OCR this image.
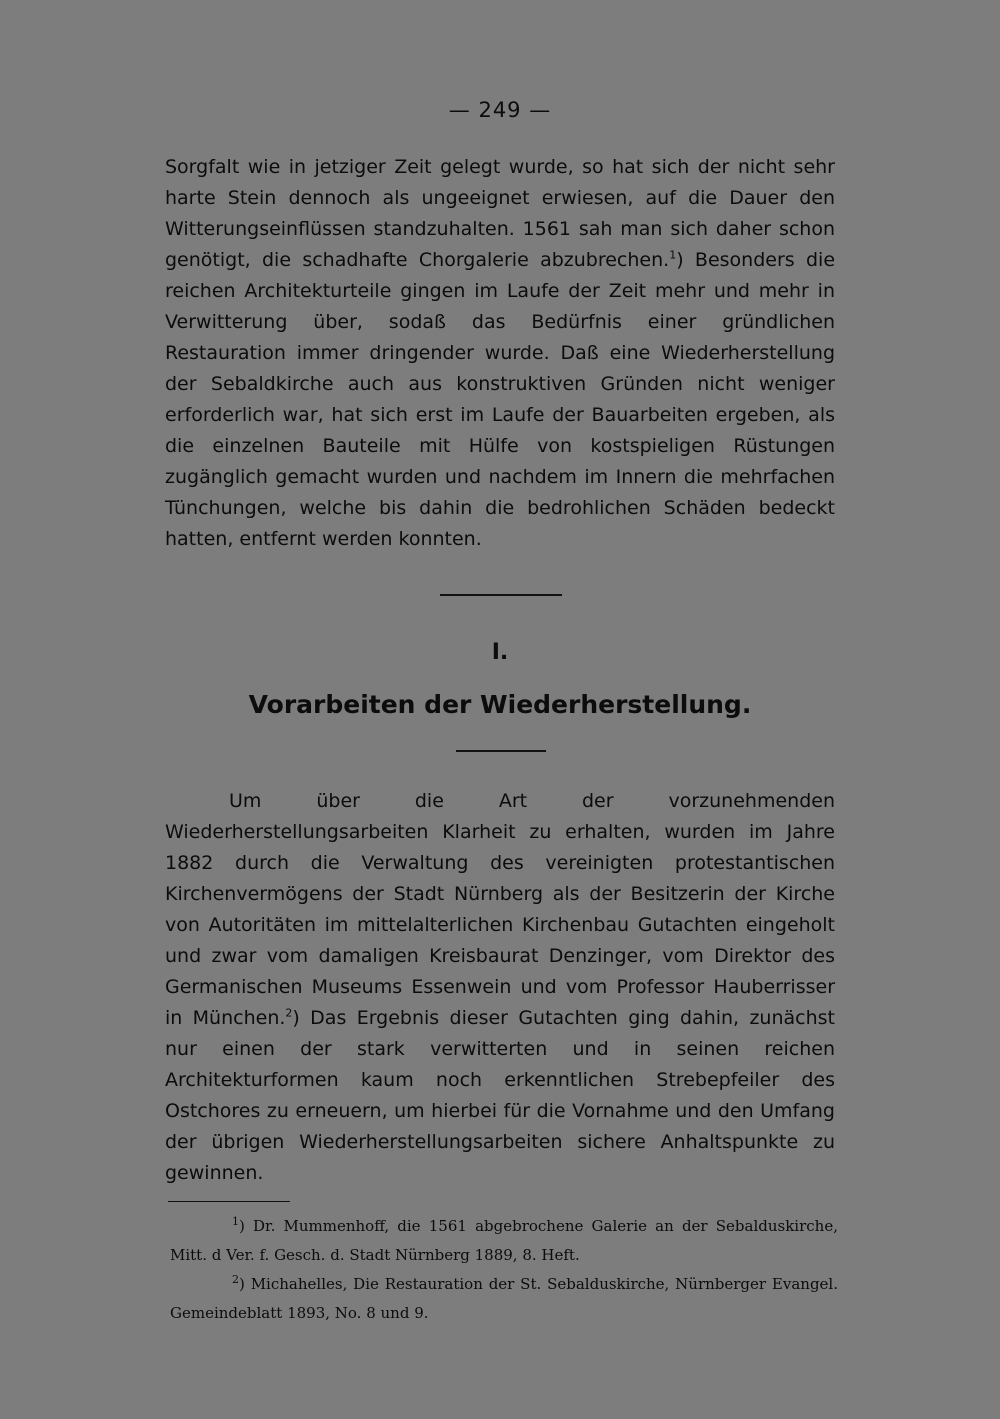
— 249 —

Sorgfalt wie in jetziger Zeit gelegt wurde, so hat sich der nicht sehr harte Stein dennoch als ungeeignet erwiesen, auf die Dauer den Witterungseinflüssen standzuhalten. 1561 sah man sich daher schon genötigt, die schadhafte Chorgalerie abzubrechen.$^1$) Besonders die reichen Architekturteile gingen im Laufe der Zeit mehr und mehr in Verwitterung über, sodaß das Bedürfnis einer gründlichen Restauration immer dringender wurde. Daß eine Wiederherstellung der Sebaldkirche auch aus konstruktiven Gründen nicht weniger erforderlich war, hat sich erst im Laufe der Bauarbeiten ergeben, als die einzelnen Bauteile mit Hülfe von kostspieligen Rüstungen zugänglich gemacht wurden und nachdem im Innern die mehrfachen Tünchungen, welche bis dahin die bedrohlichen Schäden bedeckt hatten, entfernt werden konnten.

I.
Vorarbeiten der Wiederherstellung.

Um über die Art der vorzunehmenden Wiederherstellungsarbeiten Klarheit zu erhalten, wurden im Jahre 1882 durch die Verwaltung des vereinigten protestantischen Kirchenvermögens der Stadt Nürnberg als der Besitzerin der Kirche von Autoritäten im mittelalterlichen Kirchenbau Gutachten eingeholt und zwar vom damaligen Kreisbaurat Denzinger, vom Direktor des Germanischen Museums Essenwein und vom Professor Hauberrisser in München.$^2$) Das Ergebnis dieser Gutachten ging dahin, zunächst nur einen der stark verwitterten und in seinen reichen Architekturformen kaum noch erkenntlichen Strebepfeiler des Ostchores zu erneuern, um hierbei für die Vornahme und den Umfang der übrigen Wiederherstellungsarbeiten sichere Anhaltspunkte zu gewinnen.

$^1$) Dr. Mummenhoff, die 1561 abgebrochene Galerie an der Sebalduskirche, Mitt. d Ver. f. Gesch. d. Stadt Nürnberg 1889, 8. Heft.

$^2$) Michahelles, Die Restauration der St. Sebalduskirche, Nürnberger Evangel. Gemeindeblatt 1893, No. 8 und 9.
